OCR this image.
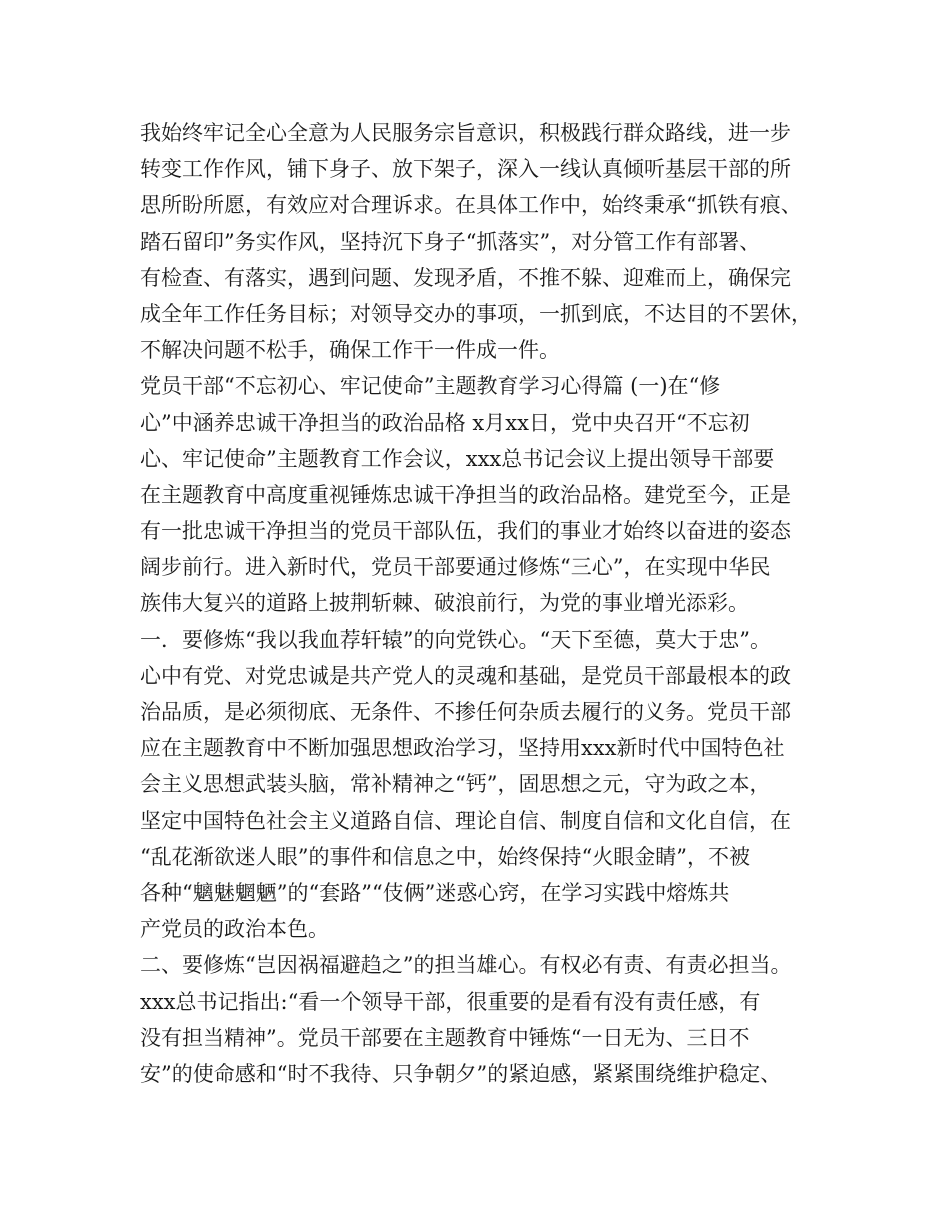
我始终牢记全心全意为人民服务宗旨意识，积极践行群众路线，进一步
转变工作作风，铺下身子、放下架子，深入一线认真倾听基层干部的所
思所盼所愿，有效应对合理诉求。在具体工作中，始终秉承“抓铁有痕、
踏石留印”务实作风，坚持沉下身子“抓落实”，对分管工作有部署、
有检查、有落实，遇到问题、发现矛盾，不推不躲、迎难而上，确保完
成全年工作任务目标；对领导交办的事项，一抓到底，不达目的不罢休，
不解决问题不松手，确保工作干一件成一件。
党员干部“不忘初心、牢记使命”主题教育学习心得篇 (一)在“修
心”中涵养忠诚干净担当的政治品格 x月xx日，党中央召开“不忘初
心、牢记使命”主题教育工作会议，xxx总书记会议上提出领导干部要
在主题教育中高度重视锤炼忠诚干净担当的政治品格。建党至今，正是
有一批忠诚干净担当的党员干部队伍，我们的事业才始终以奋进的姿态
阔步前行。进入新时代，党员干部要通过修炼“三心”，在实现中华民
族伟大复兴的道路上披荆斩棘、破浪前行，为党的事业增光添彩。
一．要修炼“我以我血荐轩辕”的向党铁心。“天下至德，莫大于忠”。
心中有党、对党忠诚是共产党人的灵魂和基础，是党员干部最根本的政
治品质，是必须彻底、无条件、不掺任何杂质去履行的义务。党员干部
应在主题教育中不断加强思想政治学习，坚持用xxx新时代中国特色社
会主义思想武装头脑，常补精神之“钙”，固思想之元，守为政之本，
坚定中国特色社会主义道路自信、理论自信、制度自信和文化自信，在
“乱花渐欲迷人眼”的事件和信息之中，始终保持“火眼金睛”，不被
各种“魑魅魍魉”的“套路”“伎俩”迷惑心窍，在学习实践中熔炼共
产党员的政治本色。
二、要修炼“岂因祸福避趋之”的担当雄心。有权必有责、有责必担当。
xxx总书记指出:“看一个领导干部，很重要的是看有没有责任感，有
没有担当精神”。党员干部要在主题教育中锤炼“一日无为、三日不
安”的使命感和“时不我待、只争朝夕”的紧迫感，紧紧围绕维护稳定、
